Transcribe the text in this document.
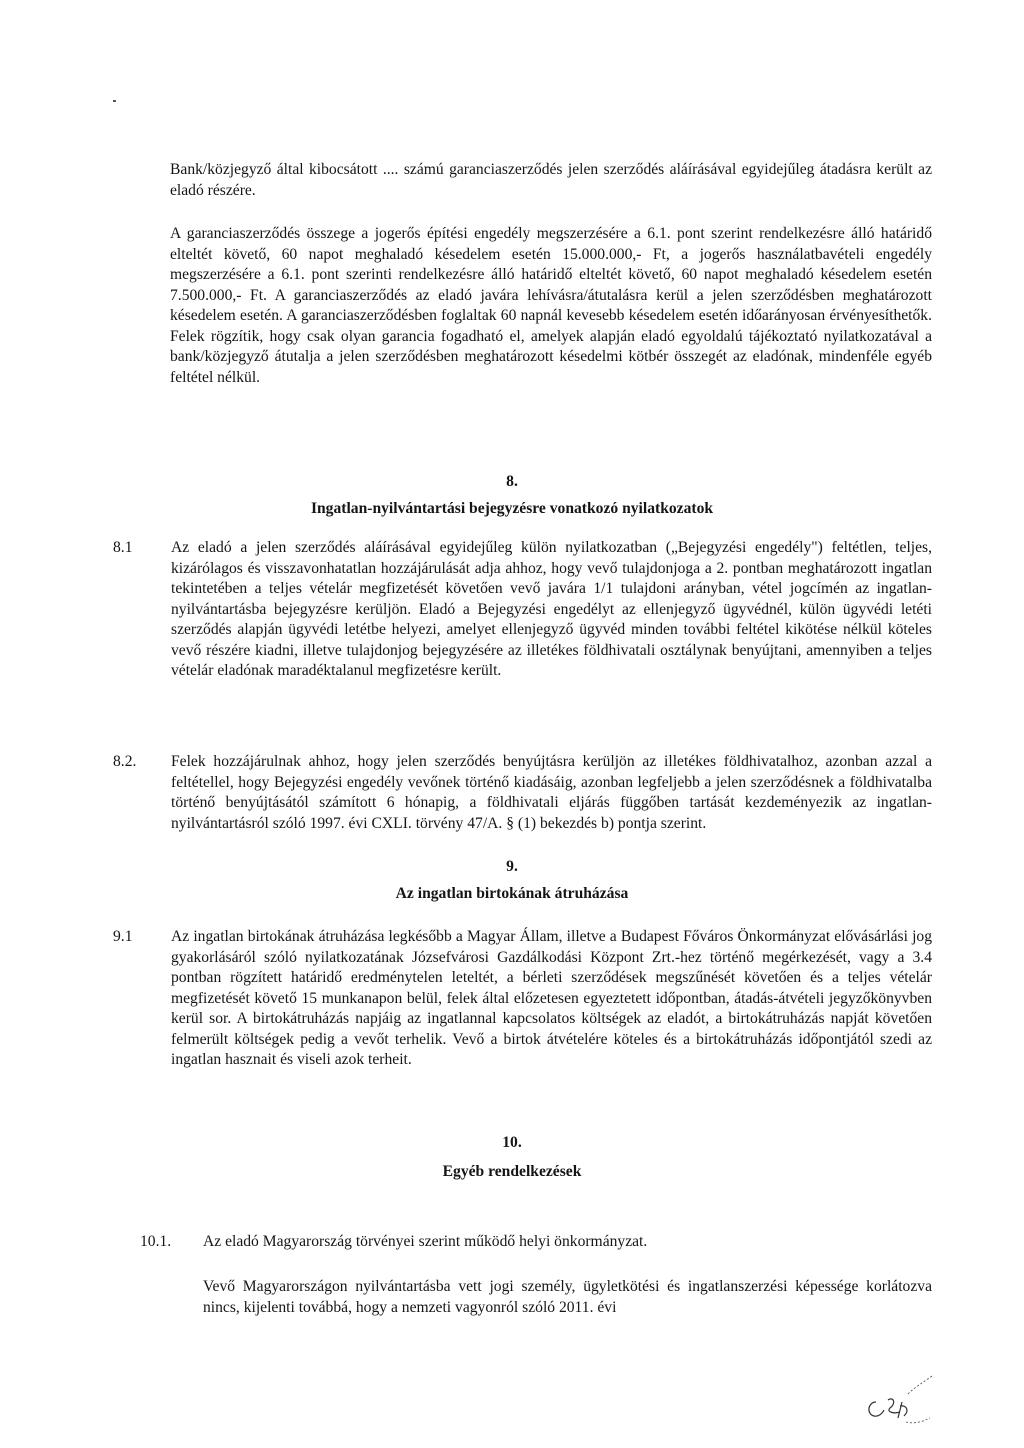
Bank/közjegyző által kibocsátott .... számú garanciaszerződés jelen szerződés aláírásával egyidejűleg átadásra került az eladó részére.

A garanciaszerződés összege a jogerős építési engedély megszerzésére a 6.1. pont szerint rendelkezésre álló határidő elteltét követő, 60 napot meghaladó késedelem esetén 15.000.000,- Ft, a jogerős használatbavételi engedély megszerzésére a 6.1. pont szerinti rendelkezésre álló határidő elteltét követő, 60 napot meghaladó késedelem esetén 7.500.000,- Ft. A garanciaszerződés az eladó javára lehívásra/átutalásra kerül a jelen szerződésben meghatározott késedelem esetén. A garanciaszerződésben foglaltak 60 napnál kevesebb késedelem esetén időarányosan érvényesíthetők. Felek rögzítik, hogy csak olyan garancia fogadható el, amelyek alapján eladó egyoldalú tájékoztató nyilatkozatával a bank/közjegyző átutalja a jelen szerződésben meghatározott késedelmi kötbér összegét az eladónak, mindenféle egyéb feltétel nélkül.

8.
Ingatlan-nyilvántartási bejegyzésre vonatkozó nyilatkozatok
8.1 Az eladó a jelen szerződés aláírásával egyidejűleg külön nyilatkozatban („Bejegyzési engedély") feltétlen, teljes, kizárólagos és visszavonhatatlan hozzájárulását adja ahhoz, hogy vevő tulajdonjoga a 2. pontban meghatározott ingatlan tekintetében a teljes vételár megfizetését követően vevő javára 1/1 tulajdoni arányban, vétel jogcímén az ingatlan-nyilvántartásba bejegyzésre kerüljön. Eladó a Bejegyzési engedélyt az ellenjegyző ügyvédnél, külön ügyvédi letéti szerződés alapján ügyvédi letétbe helyezi, amelyet ellenjegyző ügyvéd minden további feltétel kikötése nélkül köteles vevő részére kiadni, illetve tulajdonjog bejegyzésére az illetékes földhivatali osztálynak benyújtani, amennyiben a teljes vételár eladónak maradéktalanul megfizetésre került.

8.2. Felek hozzájárulnak ahhoz, hogy jelen szerződés benyújtásra kerüljön az illetékes földhivatalhoz, azonban azzal a feltétellel, hogy Bejegyzési engedély vevőnek történő kiadásáig, azonban legfeljebb a jelen szerződésnek a földhivatalba történő benyújtásától számított 6 hónapig, a földhivatali eljárás függőben tartását kezdeményezik az ingatlan-nyilvántartásról szóló 1997. évi CXLI. törvény 47/A. § (1) bekezdés b) pontja szerint.

9.
Az ingatlan birtokának átruházása
9.1 Az ingatlan birtokának átruházása legkésőbb a Magyar Állam, illetve a Budapest Főváros Önkormányzat elővásárlási jog gyakorlásáról szóló nyilatkozatának Józsefvárosi Gazdálkodási Központ Zrt.-hez történő megérkezését, vagy a 3.4 pontban rögzített határidő eredménytelen leteltét, a bérleti szerződések megszűnését követően és a teljes vételár megfizetését követő 15 munkanapon belül, felek által előzetesen egyeztetett időpontban, átadás-átvételi jegyzőkönyvben kerül sor. A birtokátruházás napjáig az ingatlannal kapcsolatos költségek az eladót, a birtokátruházás napját követően felmerült költségek pedig a vevőt terhelik. Vevő a birtok átvételére köteles és a birtokátruházás időpontjától szedi az ingatlan hasznait és viseli azok terheit.

10.
Egyéb rendelkezések
10.1. Az eladó Magyarország törvényei szerint működő helyi önkormányzat.

Vevő Magyarországon nyilvántartásba vett jogi személy, ügyletkötési és ingatlanszerzési képessége korlátozva nincs, kijelenti továbbá, hogy a nemzeti vagyonról szóló 2011. évi
